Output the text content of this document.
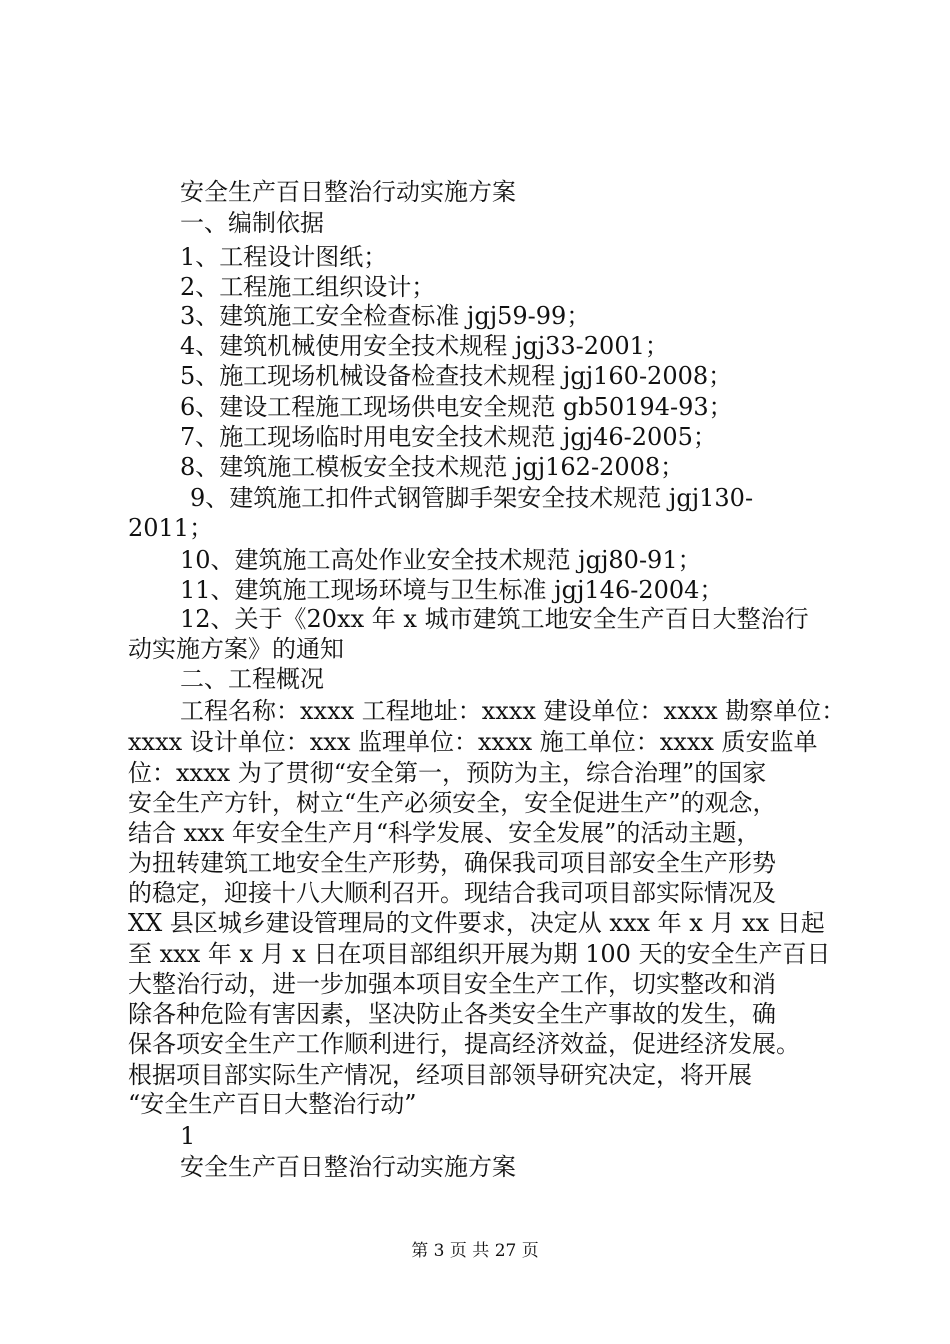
安全生产百日整治行动实施方案
一、编制依据
1、工程设计图纸；
2、工程施工组织设计；
3、建筑施工安全检查标准 jgj59-99；
4、建筑机械使用安全技术规程 jgj33-2001；
5、施工现场机械设备检查技术规程 jgj160-2008；
6、建设工程施工现场供电安全规范 gb50194-93；
7、施工现场临时用电安全技术规范 jgj46-2005；
8、建筑施工模板安全技术规范 jgj162-2008；
9、建筑施工扣件式钢管脚手架安全技术规范 jgj130-
2011；
10、建筑施工高处作业安全技术规范 jgj80-91；
11、建筑施工现场环境与卫生标准 jgj146-2004；
12、关于《20xx 年 x 城市建筑工地安全生产百日大整治行
动实施方案》的通知
二、工程概况
工程名称：xxxx 工程地址：xxxx 建设单位：xxxx 勘察单位：
xxxx 设计单位：xxx 监理单位：xxxx 施工单位：xxxx 质安监单
位：xxxx 为了贯彻“安全第一，预防为主，综合治理”的国家
安全生产方针，树立“生产必须安全，安全促进生产”的观念，
结合 xxx 年安全生产月“科学发展、安全发展”的活动主题，
为扭转建筑工地安全生产形势，确保我司项目部安全生产形势
的稳定，迎接十八大顺利召开。现结合我司项目部实际情况及
XX 县区城乡建设管理局的文件要求，决定从 xxx 年 x 月 xx 日起
至 xxx 年 x 月 x 日在项目部组织开展为期 100 天的安全生产百日
大整治行动，进一步加强本项目安全生产工作，切实整改和消
除各种危险有害因素，坚决防止各类安全生产事故的发生，确
保各项安全生产工作顺利进行，提高经济效益，促进经济发展。
根据项目部实际生产情况，经项目部领导研究决定，将开展
“安全生产百日大整治行动”
1
安全生产百日整治行动实施方案
第 3 页 共 27 页
